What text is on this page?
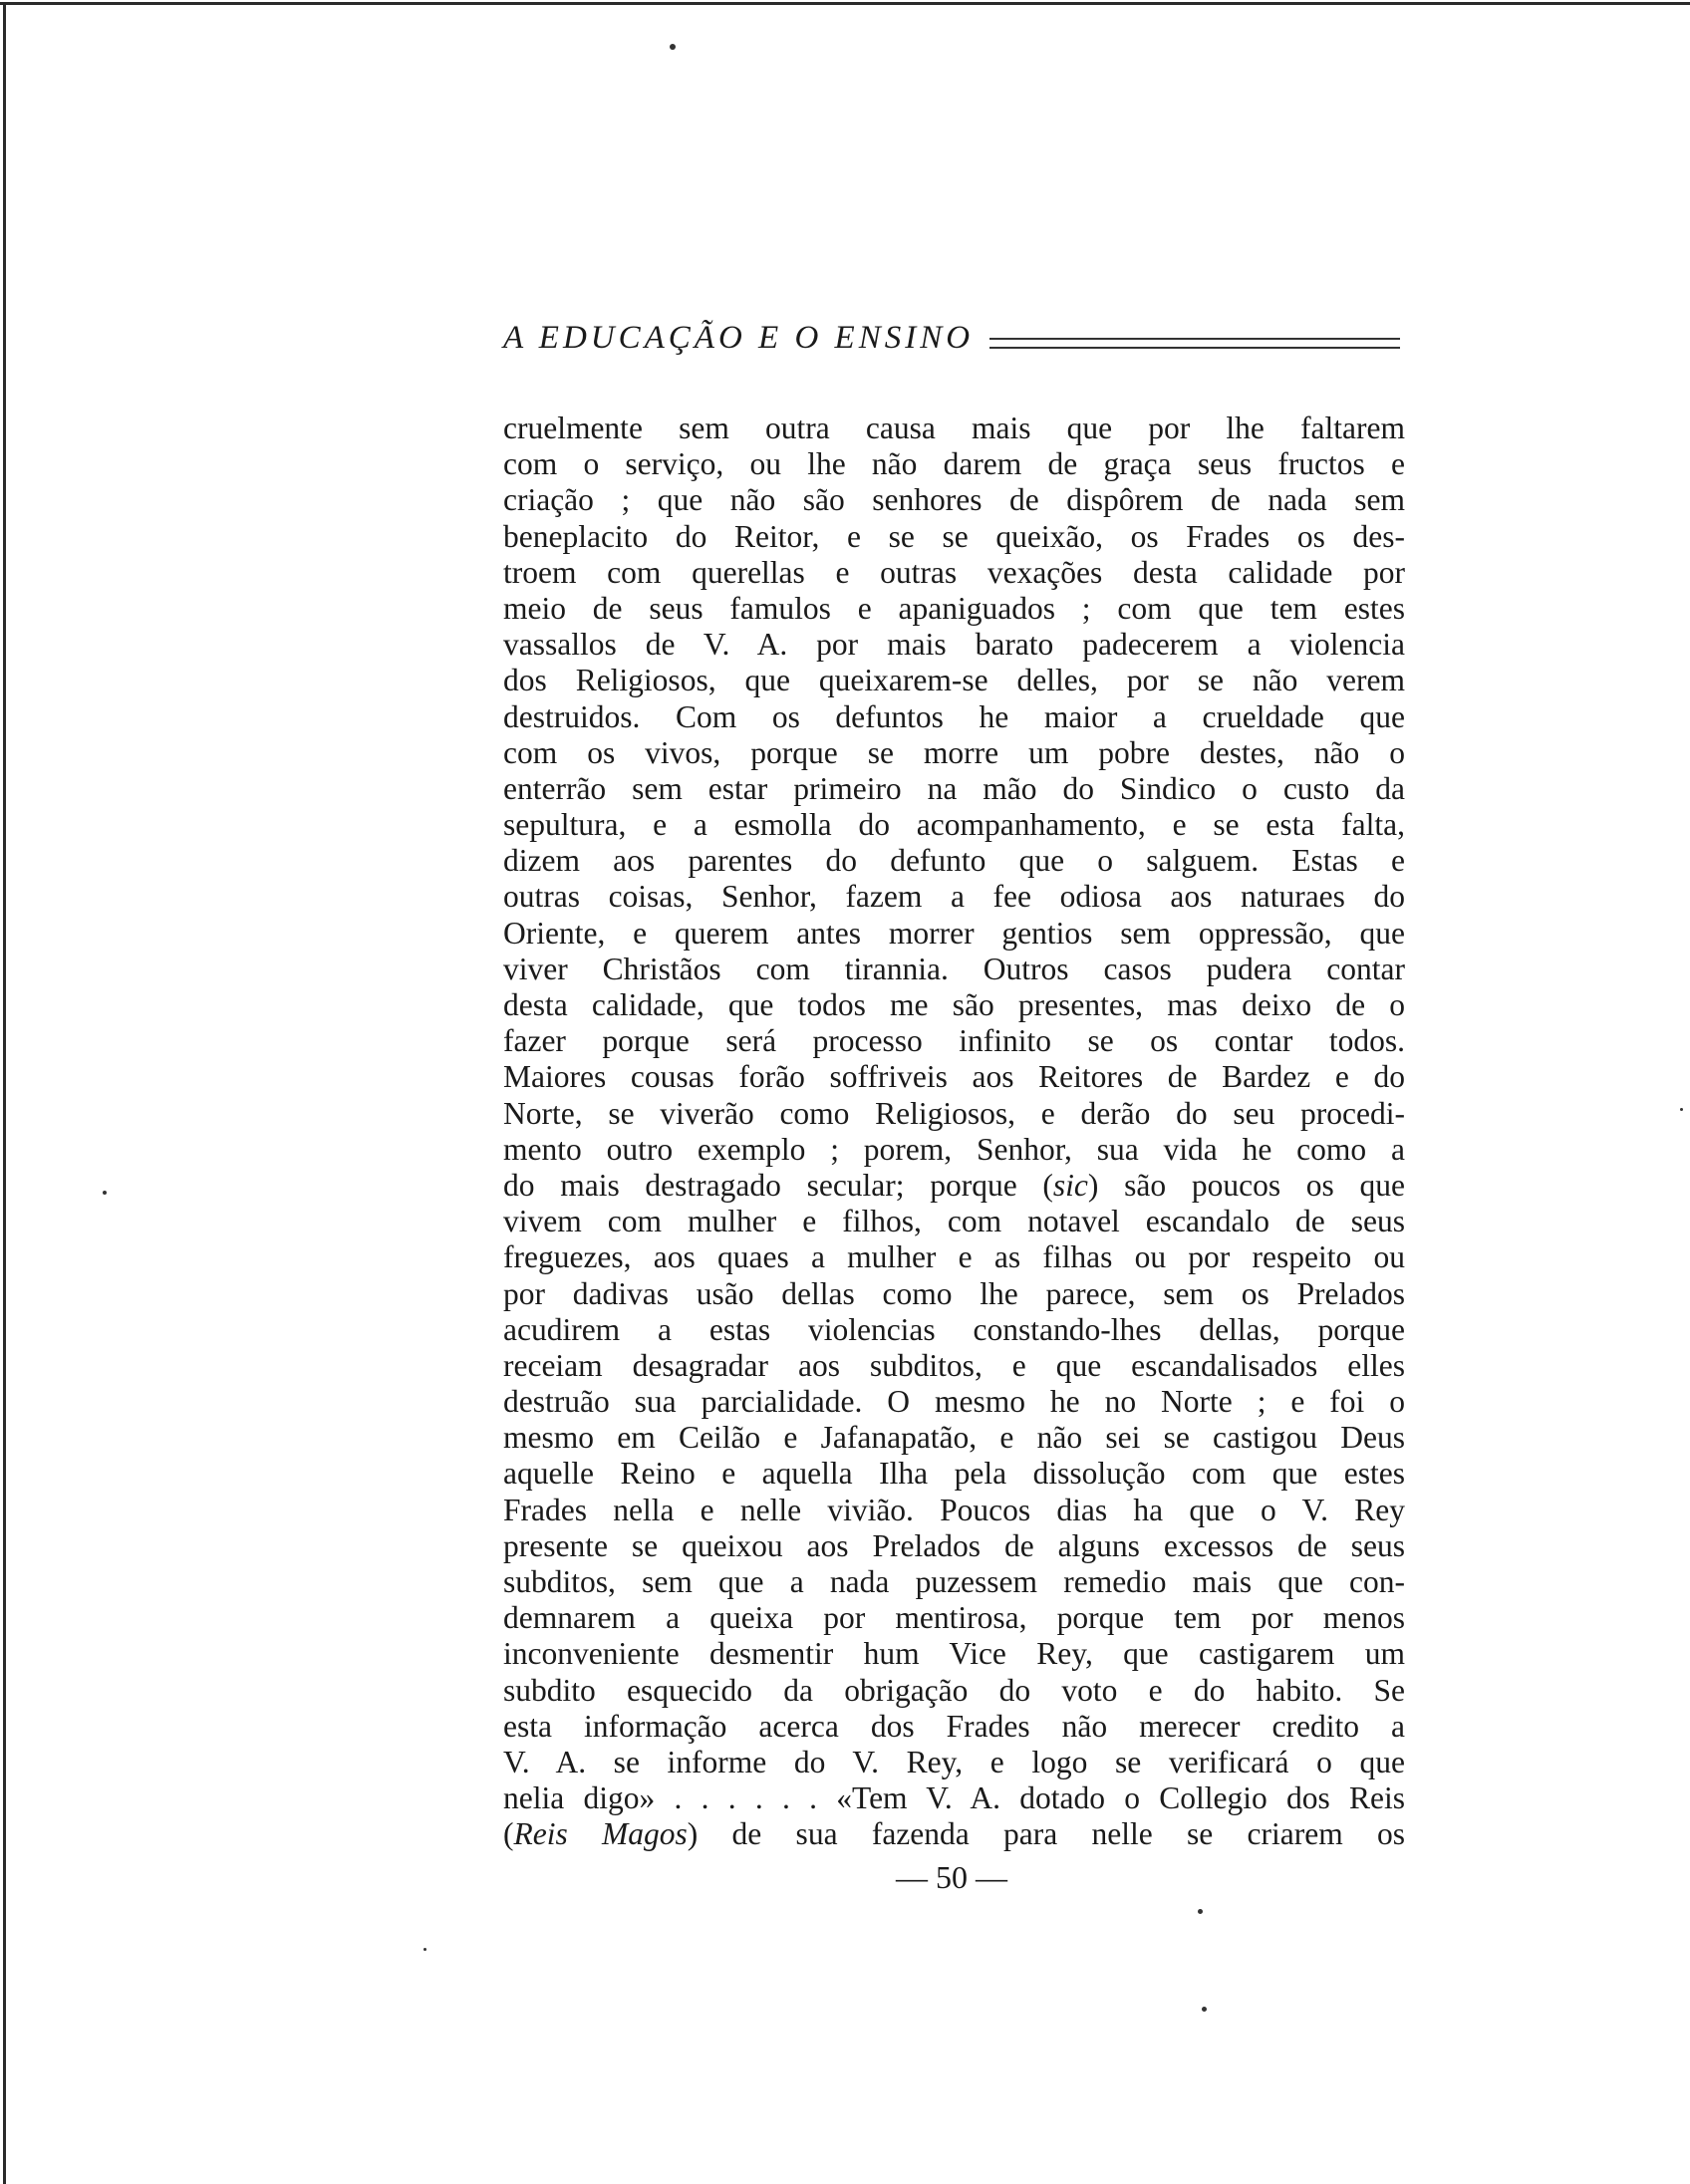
A EDUCAÇÃO E O ENSINO
cruelmente sem outra causa mais que por lhe faltarem
com o serviço, ou lhe não darem de graça seus fructos e
criação ; que não são senhores de dispôrem de nada sem
beneplacito do Reitor, e se se queixão, os Frades os des-
troem com querellas e outras vexações desta calidade por
meio de seus famulos e apaniguados ; com que tem estes
vassallos de V. A. por mais barato padecerem a violencia
dos Religiosos, que queixarem-se delles, por se não verem
destruidos. Com os defuntos he maior a crueldade que
com os vivos, porque se morre um pobre destes, não o
enterrão sem estar primeiro na mão do Sindico o custo da
sepultura, e a esmolla do acompanhamento, e se esta falta,
dizem aos parentes do defunto que o salguem. Estas e
outras coisas, Senhor, fazem a fee odiosa aos naturaes do
Oriente, e querem antes morrer gentios sem oppressão, que
viver Christãos com tirannia. Outros casos pudera contar
desta calidade, que todos me são presentes, mas deixo de o
fazer porque será processo infinito se os contar todos.
Maiores cousas forão soffriveis aos Reitores de Bardez e do
Norte, se viverão como Religiosos, e derão do seu procedi-
mento outro exemplo ; porem, Senhor, sua vida he como a
do mais destragado secular; porque (sic) são poucos os que
vivem com mulher e filhos, com notavel escandalo de seus
freguezes, aos quaes a mulher e as filhas ou por respeito ou
por dadivas usão dellas como lhe parece, sem os Prelados
acudirem a estas violencias constando-lhes dellas, porque
receiam desagradar aos subditos, e que escandalisados elles
destruão sua parcialidade. O mesmo he no Norte ; e foi o
mesmo em Ceilão e Jafanapatão, e não sei se castigou Deus
aquelle Reino e aquella Ilha pela dissolução com que estes
Frades nella e nelle vivião. Poucos dias ha que o V. Rey
presente se queixou aos Prelados de alguns excessos de seus
subditos, sem que a nada puzessem remedio mais que con-
demnarem a queixa por mentirosa, porque tem por menos
inconveniente desmentir hum Vice Rey, que castigarem um
subdito esquecido da obrigação do voto e do habito. Se
esta informação acerca dos Frades não merecer credito a
V. A. se informe do V. Rey, e logo se verificará o que
nelia digo» . . . . . . «Tem V. A. dotado o Collegio dos Reis
(Reis Magos) de sua fazenda para nelle se criarem os
— 50 —
